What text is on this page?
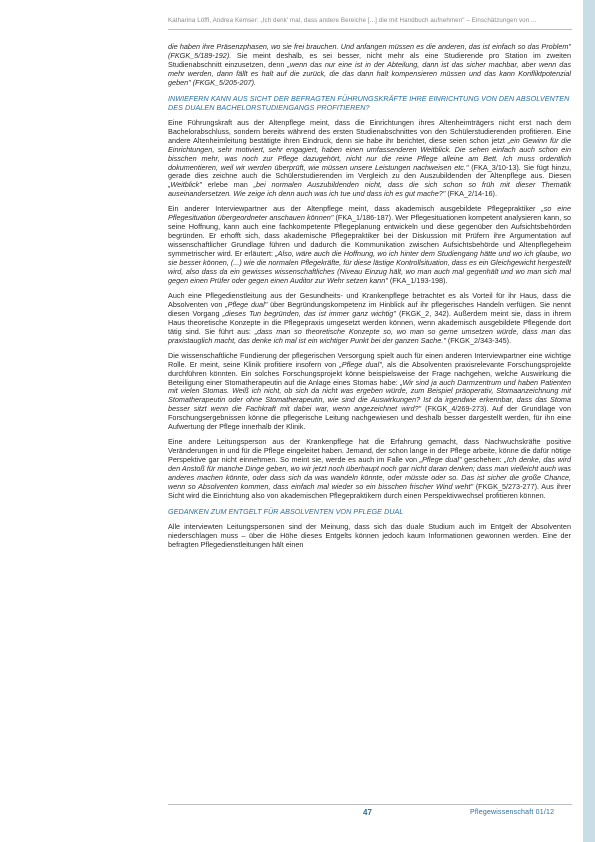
Katharina Löffl, Andrea Kemser: „Ich denk' mal, dass andere Bereiche [...] die mit Handbuch aufnehmen" – Einschätzungen von ...

die haben ihre Präsenzphasen, wo sie frei brauchen. Und anfangen müssen es die anderen, das ist einfach so das Problem" (FKGK_5/189-192). Sie meint deshalb, es sei besser, nicht mehr als eine Studierende pro Station im zweiten Studienabschnitt einzusetzen, denn „wenn das nur eine ist in der Abteilung, dann ist das sicher machbar, aber wenn das mehr werden, dann fällt es halt auf die zurück, die das dann halt kompensieren müssen und das kann Konfliktpotenzial geben" (FKGK_5/205-207).

INWIEFERN KANN AUS SICHT DER BEFRAGTEN FÜHRUNGSKRÄFTE IHRE EINRICHTUNG VON DEN ABSOLVENTEN DES DUALEN BACHELORSTUDIENGANGS PROFITIEREN?

Eine Führungskraft aus der Altenpflege meint, dass die Einrichtungen ihres Altenheimträgers nicht erst nach dem Bachelorabschluss, sondern bereits während des ersten Studienabschnittes von den Schülerstudierenden profitieren. Eine andere Altenheimleitung bestätigte ihren Eindruck, denn sie habe ihr berichtet, diese seien schon jetzt „ein Gewinn für die Einrichtungen, sehr motiviert, sehr engagiert, haben einen umfassenderen Weitblick. Die sehen einfach auch schon ein bisschen mehr, was noch zur Pflege dazugehört, nicht nur die reine Pflege alleine am Bett. Ich muss ordentlich dokumentieren, weil wir werden überprüft, wie müssen unsere Leistungen nachweisen etc." (FKA_3/10-13). Sie fügt hinzu, gerade dies zeichne auch die Schülerstudierenden im Vergleich zu den Auszubildenden der Altenpflege aus. Diesen „Weitblick" erlebe man „bei normalen Auszubildenden nicht, dass die sich schon so früh mit dieser Thematik auseinandersetzen. Wie zeige ich denn auch was ich tue und dass ich es gut mache?" (FKA_2/14-16).

Ein anderer Interviewpartner aus der Altenpflege meint, dass akademisch ausgebildete Pflegepraktiker „so eine Pflegesituation übergeordneter anschauen können" (FKA_1/186-187). Wer Pflegesituationen kompetent analysieren kann, so seine Hoffnung, kann auch eine fachkompetente Pflegeplanung entwickeln und diese gegenüber den Aufsichtsbehörden begründen. Er erhofft sich, dass akademische Pflegepraktiker bei der Diskussion mit Prüfern ihre Argumentation auf wissenschaftlicher Grundlage führen und dadurch die Kommunikation zwischen Aufsichtsbehörde und Altenpflegeheim symmetrischer wird. Er erläutert: „Also, wäre auch die Hoffnung, wo ich hinter dem Studiengang hätte und wo ich glaube, wo sie besser können, (...) wie die normalen Pflegekräfte, für diese lästige Kontrollsituation, dass es ein Gleichgewicht hergestellt wird, also dass da ein gewisses wissenschaftliches (Niveau Einzug hält, wo man auch mal gegenhält und wo man sich mal gegen einen Prüfer oder gegen einen Auditor zur Wehr setzen kann" (FKA_1/193-198).

Auch eine Pflegedienstleitung aus der Gesundheits- und Krankenpflege betrachtet es als Vorteil für ihr Haus, dass die Absolventen von „Pflege dual" über Begründungskompetenz im Hinblick auf ihr pflegerisches Handeln verfügen. Sie nennt diesen Vorgang „dieses Tun begründen, das ist immer ganz wichtig" (FKGK_2, 342). Außerdem meint sie, dass in ihrem Haus theoretische Konzepte in die Pflegepraxis umgesetzt werden können, wenn akademisch ausgebildete Pflegende dort tätig sind. Sie führt aus: „dass man so theoretische Konzepte so, wo man so gerne umsetzen würde, dass man das praxistauglich macht, das denke ich mal ist ein wichtiger Punkt bei der ganzen Sache." (FKGK_2/343-345).

Die wissenschaftliche Fundierung der pflegerischen Versorgung spielt auch für einen anderen Interviewpartner eine wichtige Rolle. Er meint, seine Klinik profitiere insofern von „Pflege dual", als die Absolventen praxisrelevante Forschungsprojekte durchführen könnten. Ein solches Forschungsprojekt könne beispielsweise der Frage nachgehen, welche Auswirkung die Beteiligung einer Stomatherapeutin auf die Anlage eines Stomas habe: „Wir sind ja auch Darmzentrum und haben Patienten mit vielen Stomas. Weiß ich nicht, ob sich da nicht was ergeben würde, zum Beispiel präoperativ, Stomaanzeichnung mit Stomatherapeutin oder ohne Stomatherapeutin, wie sind die Auswirkungen? Ist da irgendwie erkennbar, dass das Stoma besser sitzt wenn die Fachkraft mit dabei war, wenn angezeichnet wird?" (FKGK_4/269-273). Auf der Grundlage von Forschungsergebnissen könne die pflegerische Leitung nachgewiesen und deshalb besser dargestellt werden, für ihn eine Aufwertung der Pflege innerhalb der Klinik.

Eine andere Leitungsperson aus der Krankenpflege hat die Erfahrung gemacht, dass Nachwuchskräfte positive Veränderungen in und für die Pflege eingeleitet haben. Jemand, der schon lange in der Pflege arbeite, könne die dafür nötige Perspektive gar nicht einnehmen. So meint sie, werde es auch im Falle von „Pflege dual" geschehen: „Ich denke, das wird den Anstoß für manche Dinge geben, wo wir jetzt noch überhaupt noch gar nicht daran denken; dass man vielleicht auch was anderes machen könnte, oder dass sich da was wandeln könnte, oder müsste oder so. Das ist sicher die große Chance, wenn so Absolventen kommen, dass einfach mal wieder so ein bisschen frischer Wind weht" (FKGK_5/273-277). Aus ihrer Sicht wird die Einrichtung also von akademischen Pflegepraktikern durch einen Perspektivwechsel profitieren können.

GEDANKEN ZUM ENTGELT FÜR ABSOLVENTEN VON PFLEGE DUAL

Alle interviewten Leitungspersonen sind der Meinung, dass sich das duale Studium auch im Entgelt der Absolventen niederschlagen muss – über die Höhe dieses Entgelts können jedoch kaum Informationen gewonnen werden. Eine der befragten Pflegedienstleitungen hält einen

47	Pflegewissenschaft 01/12
